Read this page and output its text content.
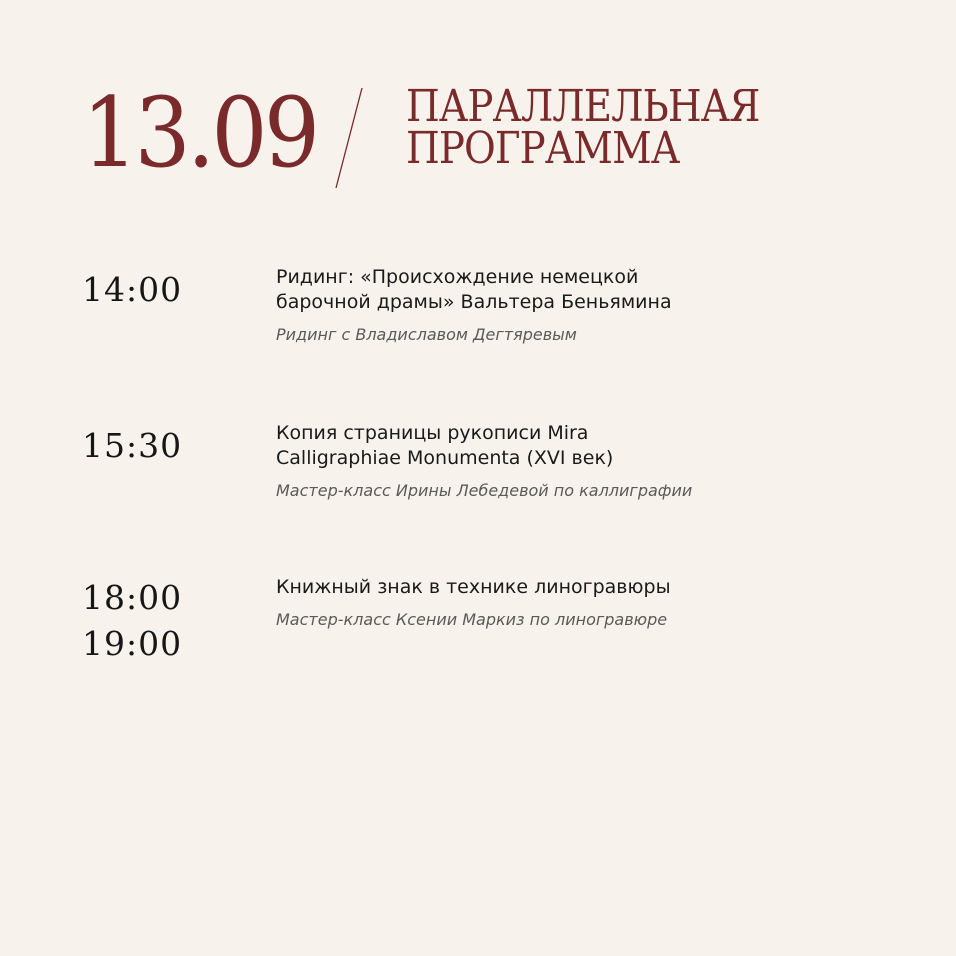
13.09 ПАРАЛЛЕЛЬНАЯ
ПРОГРАММА
14:00	Ридинг: «Происхождение немецкой барочной драмы» Вальтера Беньямина

Ридинг с Владиславом Дегтяревым
15:30	Копия страницы рукописи Mira Calligraphiae Monumenta (XVI век)

Мастер-класс Ирины Лебедевой по каллиграфии
18:00
19:00

Книжный знак в технике линогравюры

Мастер-класс Ксении Маркиз по линогравюре
